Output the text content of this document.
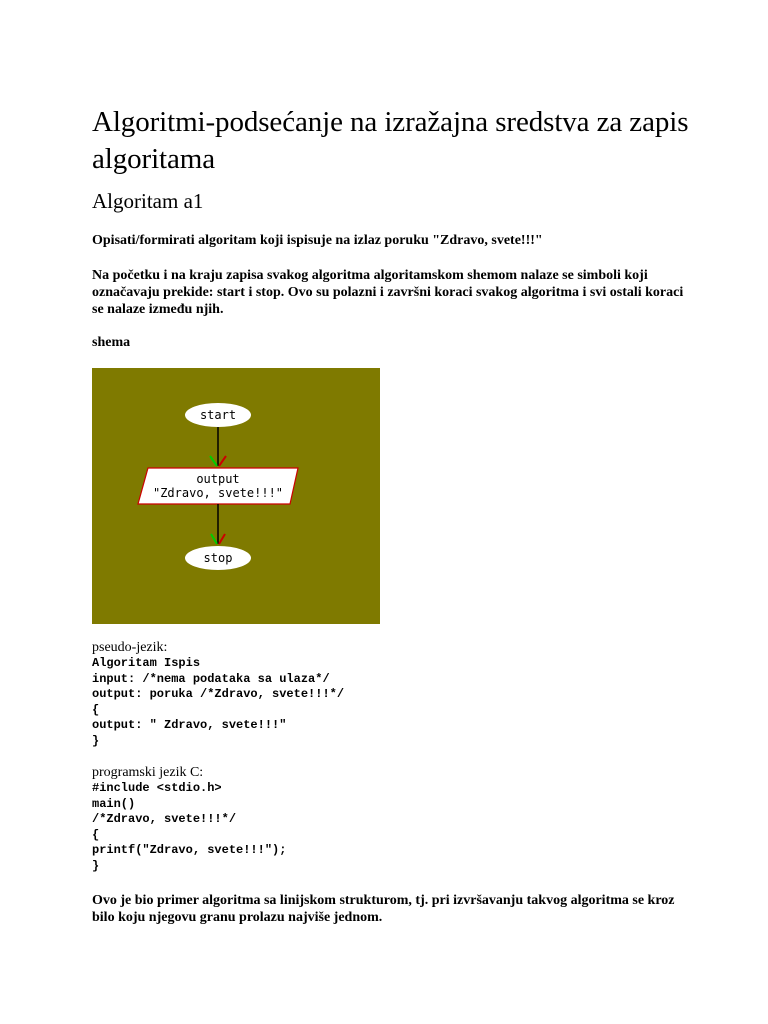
Algoritmi-podsećanje na izražajna sredstva za zapis algoritama
Algoritam a1

Opisati/formirati algoritam koji ispisuje na izlaz poruku "Zdravo, svete!!!"

Na početku i na kraju zapisa svakog algoritma algoritamskom shemom nalaze se simboli koji označavaju prekide: start i stop. Ovo su polazni i završni koraci svakog algoritma i svi ostali koraci se nalaze između njih.

shema

start
output
"Zdravo, svete!!!"
stop

pseudo-jezik:

Algoritam Ispis
input: /*nema podataka sa ulaza*/
output: poruka /*Zdravo, svete!!!*/
{
output: " Zdravo, svete!!!"
}

programski jezik C:

#include <stdio.h>
main()
/*Zdravo, svete!!!*/
{
printf("Zdravo, svete!!!");
}

Ovo je bio primer algoritma sa linijskom strukturom, tj. pri izvršavanju takvog algoritma se kroz bilo koju njegovu granu prolazu najviše jednom.
